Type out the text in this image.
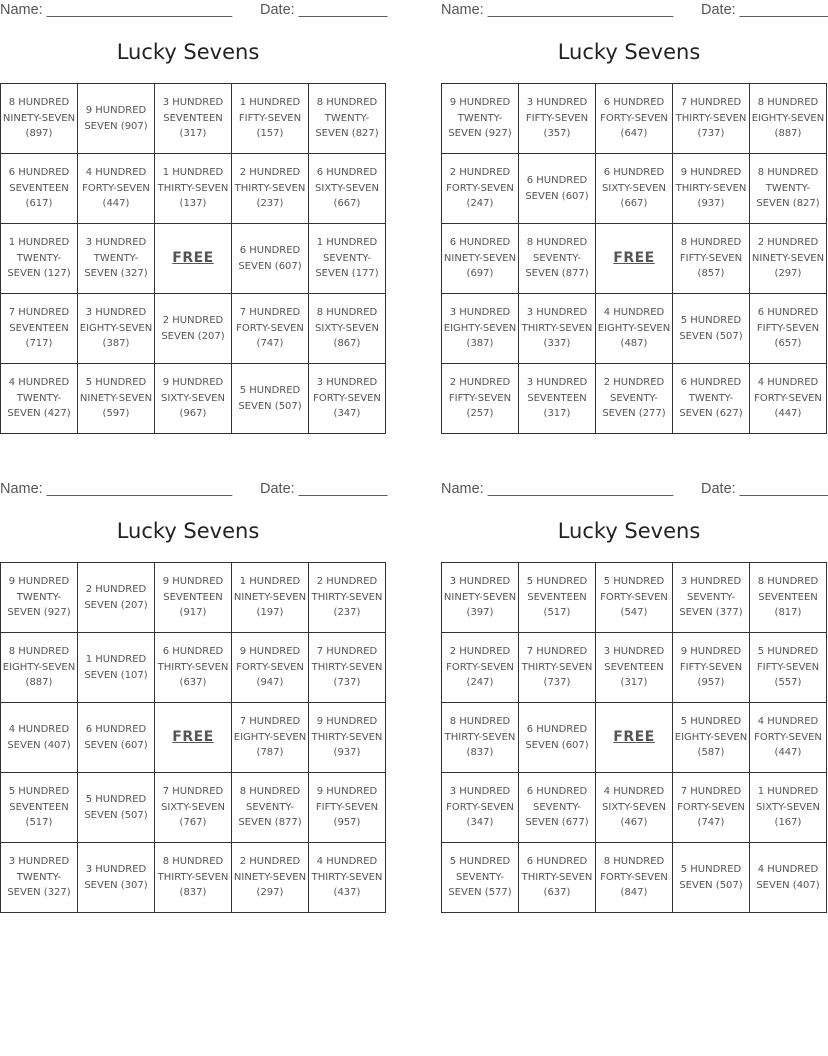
Name: _______________________ Date: ___________
Lucky Sevens
8 HUNDRED NINETY-SEVEN (897)	9 HUNDRED SEVEN (907)	3 HUNDRED SEVENTEEN (317)	1 HUNDRED FIFTY-SEVEN (157)	8 HUNDRED TWENTY-SEVEN (827)
6 HUNDRED SEVENTEEN (617)	4 HUNDRED FORTY-SEVEN (447)	1 HUNDRED THIRTY-SEVEN (137)	2 HUNDRED THIRTY-SEVEN (237)	6 HUNDRED SIXTY-SEVEN (667)
1 HUNDRED TWENTY-SEVEN (127)	3 HUNDRED TWENTY-SEVEN (327)	FREE	6 HUNDRED SEVEN (607)	1 HUNDRED SEVENTY-SEVEN (177)
7 HUNDRED SEVENTEEN (717)	3 HUNDRED EIGHTY-SEVEN (387)	2 HUNDRED SEVEN (207)	7 HUNDRED FORTY-SEVEN (747)	8 HUNDRED SIXTY-SEVEN (867)
4 HUNDRED TWENTY-SEVEN (427)	5 HUNDRED NINETY-SEVEN (597)	9 HUNDRED SIXTY-SEVEN (967)	5 HUNDRED SEVEN (507)	3 HUNDRED FORTY-SEVEN (347)
Name: _______________________ Date: ___________
Lucky Sevens
9 HUNDRED TWENTY-SEVEN (927)	3 HUNDRED FIFTY-SEVEN (357)	6 HUNDRED FORTY-SEVEN (647)	7 HUNDRED THIRTY-SEVEN (737)	8 HUNDRED EIGHTY-SEVEN (887)
2 HUNDRED FORTY-SEVEN (247)	6 HUNDRED SEVEN (607)	6 HUNDRED SIXTY-SEVEN (667)	9 HUNDRED THIRTY-SEVEN (937)	8 HUNDRED TWENTY-SEVEN (827)
6 HUNDRED NINETY-SEVEN (697)	8 HUNDRED SEVENTY-SEVEN (877)	FREE	8 HUNDRED FIFTY-SEVEN (857)	2 HUNDRED NINETY-SEVEN (297)
3 HUNDRED EIGHTY-SEVEN (387)	3 HUNDRED THIRTY-SEVEN (337)	4 HUNDRED EIGHTY-SEVEN (487)	5 HUNDRED SEVEN (507)	6 HUNDRED FIFTY-SEVEN (657)
2 HUNDRED FIFTY-SEVEN (257)	3 HUNDRED SEVENTEEN (317)	2 HUNDRED SEVENTY-SEVEN (277)	6 HUNDRED TWENTY-SEVEN (627)	4 HUNDRED FORTY-SEVEN (447)
Name: _______________________ Date: ___________
Lucky Sevens
9 HUNDRED TWENTY-SEVEN (927)	2 HUNDRED SEVEN (207)	9 HUNDRED SEVENTEEN (917)	1 HUNDRED NINETY-SEVEN (197)	2 HUNDRED THIRTY-SEVEN (237)
8 HUNDRED EIGHTY-SEVEN (887)	1 HUNDRED SEVEN (107)	6 HUNDRED THIRTY-SEVEN (637)	9 HUNDRED FORTY-SEVEN (947)	7 HUNDRED THIRTY-SEVEN (737)
4 HUNDRED SEVEN (407)	6 HUNDRED SEVEN (607)	FREE	7 HUNDRED EIGHTY-SEVEN (787)	9 HUNDRED THIRTY-SEVEN (937)
5 HUNDRED SEVENTEEN (517)	5 HUNDRED SEVEN (507)	7 HUNDRED SIXTY-SEVEN (767)	8 HUNDRED SEVENTY-SEVEN (877)	9 HUNDRED FIFTY-SEVEN (957)
3 HUNDRED TWENTY-SEVEN (327)	3 HUNDRED SEVEN (307)	8 HUNDRED THIRTY-SEVEN (837)	2 HUNDRED NINETY-SEVEN (297)	4 HUNDRED THIRTY-SEVEN (437)
Name: _______________________ Date: ___________
Lucky Sevens
3 HUNDRED NINETY-SEVEN (397)	5 HUNDRED SEVENTEEN (517)	5 HUNDRED FORTY-SEVEN (547)	3 HUNDRED SEVENTY-SEVEN (377)	8 HUNDRED SEVENTEEN (817)
2 HUNDRED FORTY-SEVEN (247)	7 HUNDRED THIRTY-SEVEN (737)	3 HUNDRED SEVENTEEN (317)	9 HUNDRED FIFTY-SEVEN (957)	5 HUNDRED FIFTY-SEVEN (557)
8 HUNDRED THIRTY-SEVEN (837)	6 HUNDRED SEVEN (607)	FREE	5 HUNDRED EIGHTY-SEVEN (587)	4 HUNDRED FORTY-SEVEN (447)
3 HUNDRED FORTY-SEVEN (347)	6 HUNDRED SEVENTY-SEVEN (677)	4 HUNDRED SIXTY-SEVEN (467)	7 HUNDRED FORTY-SEVEN (747)	1 HUNDRED SIXTY-SEVEN (167)
5 HUNDRED SEVENTY-SEVEN (577)	6 HUNDRED THIRTY-SEVEN (637)	8 HUNDRED FORTY-SEVEN (847)	5 HUNDRED SEVEN (507)	4 HUNDRED SEVEN (407)
